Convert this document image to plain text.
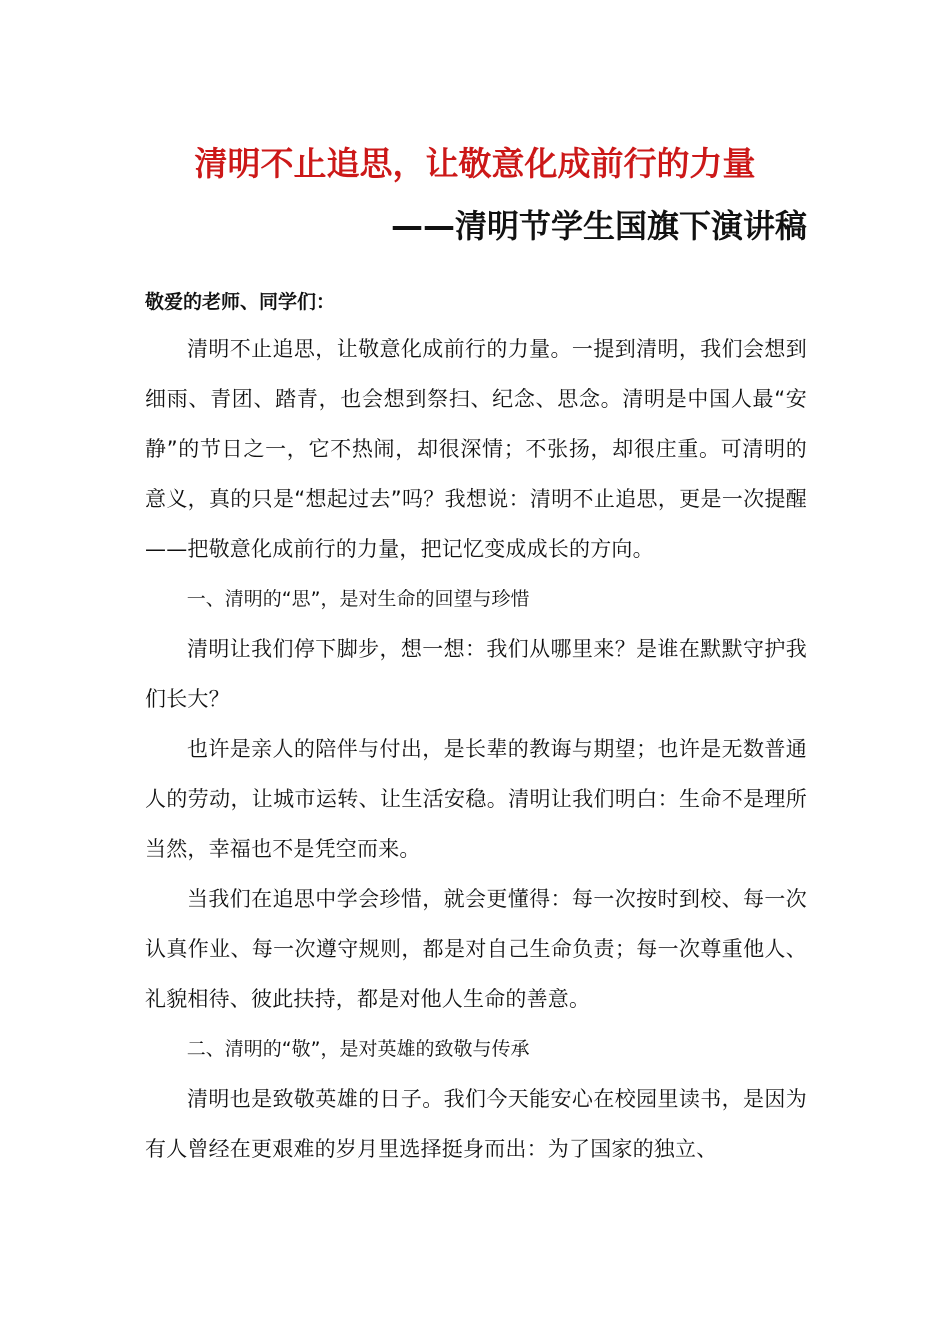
清明不止追思，让敬意化成前行的力量
——清明节学生国旗下演讲稿
敬爱的老师、同学们：

清明不止追思，让敬意化成前行的力量。一提到清明，我们会想到细雨、青团、踏青，也会想到祭扫、纪念、思念。清明是中国人最“安静”的节日之一，它不热闹，却很深情；不张扬，却很庄重。可清明的意义，真的只是“想起过去”吗？我想说：清明不止追思，更是一次提醒——把敬意化成前行的力量，把记忆变成成长的方向。

一、清明的“思”，是对生命的回望与珍惜

清明让我们停下脚步，想一想：我们从哪里来？是谁在默默守护我们长大？

也许是亲人的陪伴与付出，是长辈的教诲与期望；也许是无数普通人的劳动，让城市运转、让生活安稳。清明让我们明白：生命不是理所当然，幸福也不是凭空而来。

当我们在追思中学会珍惜，就会更懂得：每一次按时到校、每一次认真作业、每一次遵守规则，都是对自己生命负责；每一次尊重他人、礼貌相待、彼此扶持，都是对他人生命的善意。

二、清明的“敬”，是对英雄的致敬与传承

清明也是致敬英雄的日子。我们今天能安心在校园里读书，是因为有人曾经在更艰难的岁月里选择挺身而出：为了国家的独立、
